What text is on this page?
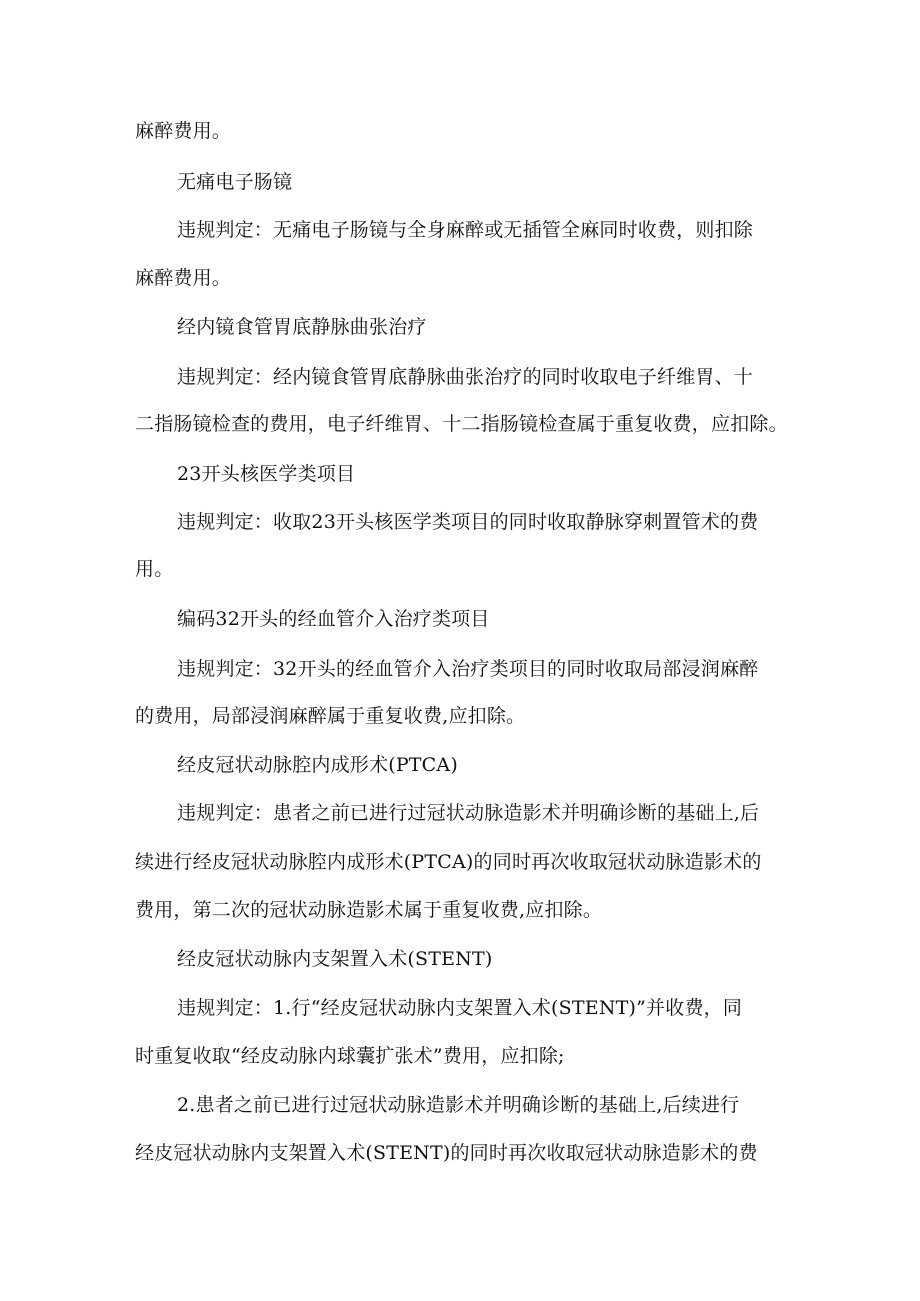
麻醉费用。
无痛电子肠镜
违规判定：无痛电子肠镜与全身麻醉或无插管全麻同时收费，则扣除
麻醉费用。
经内镜食管胃底静脉曲张治疗
违规判定：经内镜食管胃底静脉曲张治疗的同时收取电子纤维胃、十
二指肠镜检查的费用，电子纤维胃、十二指肠镜检查属于重复收费，应扣除。
23开头核医学类项目
违规判定：收取23开头核医学类项目的同时收取静脉穿刺置管术的费
用。
编码32开头的经血管介入治疗类项目
违规判定：32开头的经血管介入治疗类项目的同时收取局部浸润麻醉
的费用，局部浸润麻醉属于重复收费,应扣除。
经皮冠状动脉腔内成形术(PTCA)
违规判定：患者之前已进行过冠状动脉造影术并明确诊断的基础上,后
续进行经皮冠状动脉腔内成形术(PTCA)的同时再次收取冠状动脉造影术的
费用，第二次的冠状动脉造影术属于重复收费,应扣除。
经皮冠状动脉内支架置入术(STENT)
违规判定：1.行“经皮冠状动脉内支架置入术(STENT)”并收费，同
时重复收取“经皮动脉内球囊扩张术”费用，应扣除;
2.患者之前已进行过冠状动脉造影术并明确诊断的基础上,后续进行
经皮冠状动脉内支架置入术(STENT)的同时再次收取冠状动脉造影术的费
